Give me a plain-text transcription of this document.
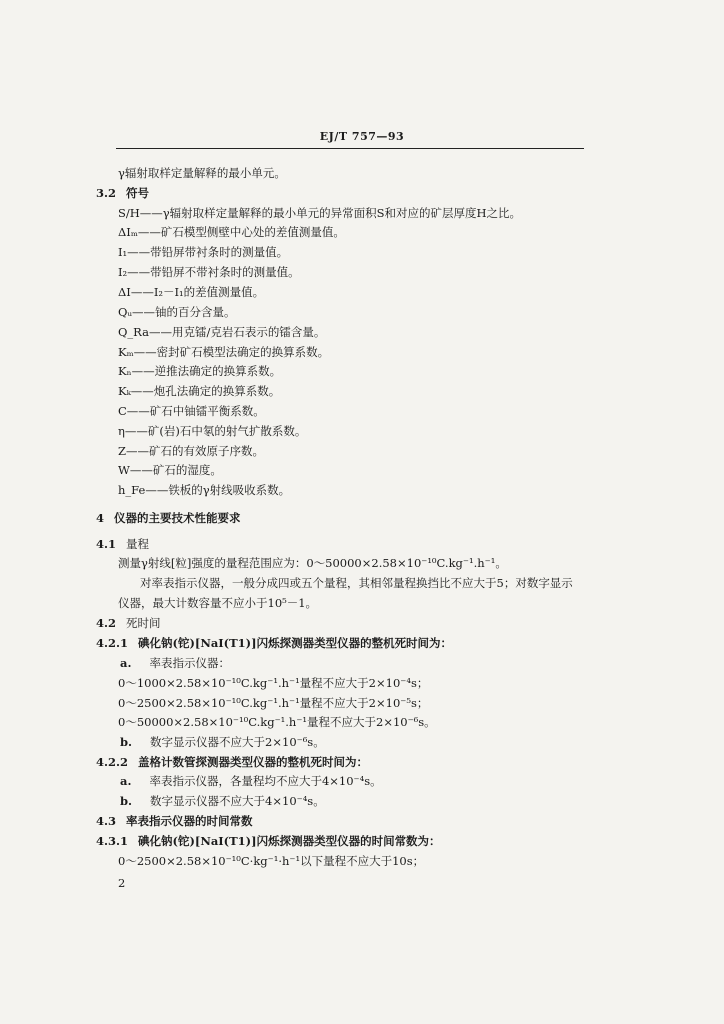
EJ/T 757—93
γ辐射取样定量解释的最小单元。
3.2 符号
S/H——γ辐射取样定量解释的最小单元的异常面积S和对应的矿层厚度H之比。
ΔIₘ——矿石模型侧壁中心处的差值测量值。
I₁——带铅屏带衬条时的测量值。
I₂——带铅屏不带衬条时的测量值。
ΔI——I₂－I₁的差值测量值。
Qᵤ——铀的百分含量。
Q_Ra——用克镭/克岩石表示的镭含量。
Kₘ——密封矿石模型法确定的换算系数。
Kₙ——逆推法确定的换算系数。
Kₖ——炮孔法确定的换算系数。
C——矿石中铀镭平衡系数。
η——矿(岩)石中氡的射气扩散系数。
Z——矿石的有效原子序数。
W——矿石的湿度。
h_Fe——铁板的γ射线吸收系数。
4 仪器的主要技术性能要求
4.1 量程
测量γ射线[粒]强度的量程范围应为：0～50000×2.58×10⁻¹⁰C.kg⁻¹.h⁻¹。
对率表指示仪器，一般分成四或五个量程，其相邻量程换挡比不应大于5；对数字显示
仪器，最大计数容量不应小于10⁵－1。
4.2 死时间
4.2.1 碘化钠(铊)[NaI(T1)]闪烁探测器类型仪器的整机死时间为：
a. 率表指示仪器：
0～1000×2.58×10⁻¹⁰C.kg⁻¹.h⁻¹量程不应大于2×10⁻⁴s；
0～2500×2.58×10⁻¹⁰C.kg⁻¹.h⁻¹量程不应大于2×10⁻⁵s；
0～50000×2.58×10⁻¹⁰C.kg⁻¹.h⁻¹量程不应大于2×10⁻⁶s。
b. 数字显示仪器不应大于2×10⁻⁶s。
4.2.2 盖格计数管探测器类型仪器的整机死时间为：
a. 率表指示仪器，各量程均不应大于4×10⁻⁴s。
b. 数字显示仪器不应大于4×10⁻⁴s。
4.3 率表指示仪器的时间常数
4.3.1 碘化钠(铊)[NaI(T1)]闪烁探测器类型仪器的时间常数为：
0～2500×2.58×10⁻¹⁰C·kg⁻¹·h⁻¹以下量程不应大于10s；
2
